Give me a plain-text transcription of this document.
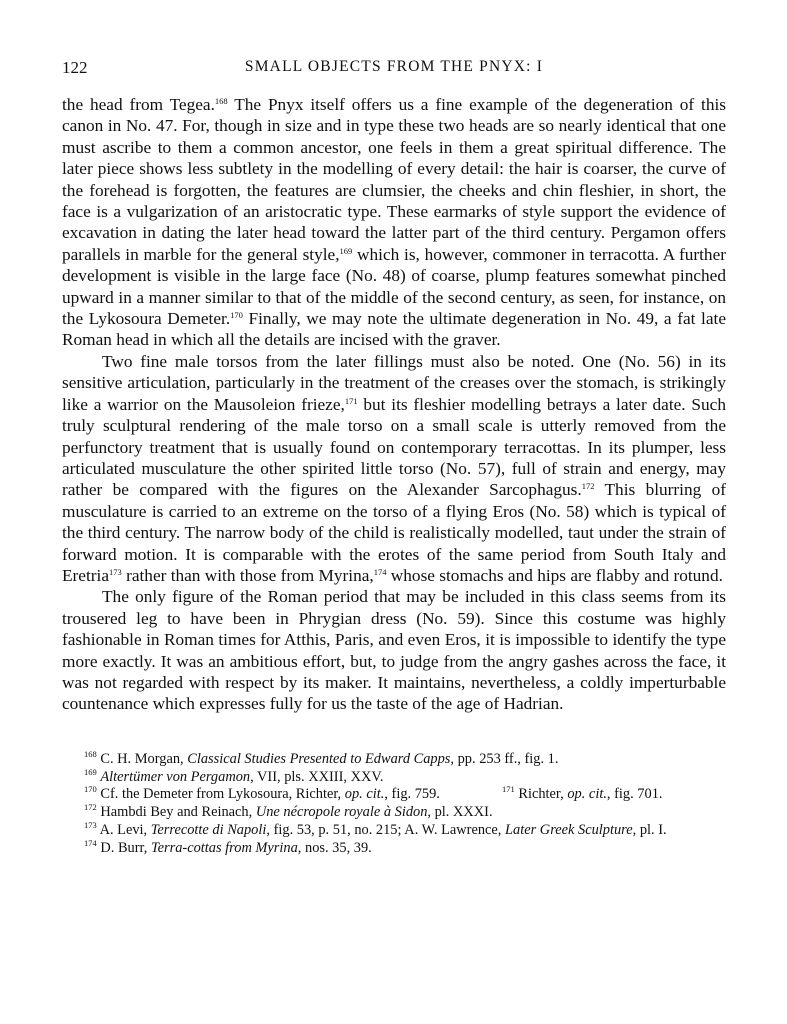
122	SMALL OBJECTS FROM THE PNYX: I

the head from Tegea.$^{168}$ The Pnyx itself offers us a fine example of the degeneration of this canon in No. 47. For, though in size and in type these two heads are so nearly identical that one must ascribe to them a common ancestor, one feels in them a great spiritual difference. The later piece shows less subtlety in the modelling of every detail: the hair is coarser, the curve of the forehead is forgotten, the features are clumsier, the cheeks and chin fleshier, in short, the face is a vulgarization of an aristocratic type. These earmarks of style support the evidence of excavation in dating the later head toward the latter part of the third century. Pergamon offers parallels in marble for the general style,$^{169}$ which is, however, commoner in terracotta. A further development is visible in the large face (No. 48) of coarse, plump features somewhat pinched upward in a manner similar to that of the middle of the second century, as seen, for instance, on the Lykosoura Demeter.$^{170}$ Finally, we may note the ultimate degeneration in No. 49, a fat late Roman head in which all the details are incised with the graver.

Two fine male torsos from the later fillings must also be noted. One (No. 56) in its sensitive articulation, particularly in the treatment of the creases over the stomach, is strikingly like a warrior on the Mausoleion frieze,$^{171}$ but its fleshier modelling betrays a later date. Such truly sculptural rendering of the male torso on a small scale is utterly removed from the perfunctory treatment that is usually found on contemporary terracottas. In its plumper, less articulated musculature the other spirited little torso (No. 57), full of strain and energy, may rather be compared with the figures on the Alexander Sarcophagus.$^{172}$ This blurring of musculature is carried to an extreme on the torso of a flying Eros (No. 58) which is typical of the third century. The narrow body of the child is realistically modelled, taut under the strain of forward motion. It is comparable with the erotes of the same period from South Italy and Eretria$^{173}$ rather than with those from Myrina,$^{174}$ whose stomachs and hips are flabby and rotund.

The only figure of the Roman period that may be included in this class seems from its trousered leg to have been in Phrygian dress (No. 59). Since this costume was highly fashionable in Roman times for Atthis, Paris, and even Eros, it is impossible to identify the type more exactly. It was an ambitious effort, but, to judge from the angry gashes across the face, it was not regarded with respect by its maker. It maintains, nevertheless, a coldly imperturbable countenance which expresses fully for us the taste of the age of Hadrian.

$^{168}$ C. H. Morgan, Classical Studies Presented to Edward Capps, pp. 253 ff., fig. 1.

$^{169}$ Altertümer von Pergamon, VII, pls. XXIII, XXV.

$^{170}$ Cf. the Demeter from Lykosoura, Richter, op. cit., fig. 759.	$^{171}$ Richter, op. cit., fig. 701.

$^{172}$ Hambdi Bey and Reinach, Une nécropole royale à Sidon, pl. XXXI.

$^{173}$ A. Levi, Terrecotte di Napoli, fig. 53, p. 51, no. 215; A. W. Lawrence, Later Greek Sculpture, pl. I.

$^{174}$ D. Burr, Terra-cottas from Myrina, nos. 35, 39.
